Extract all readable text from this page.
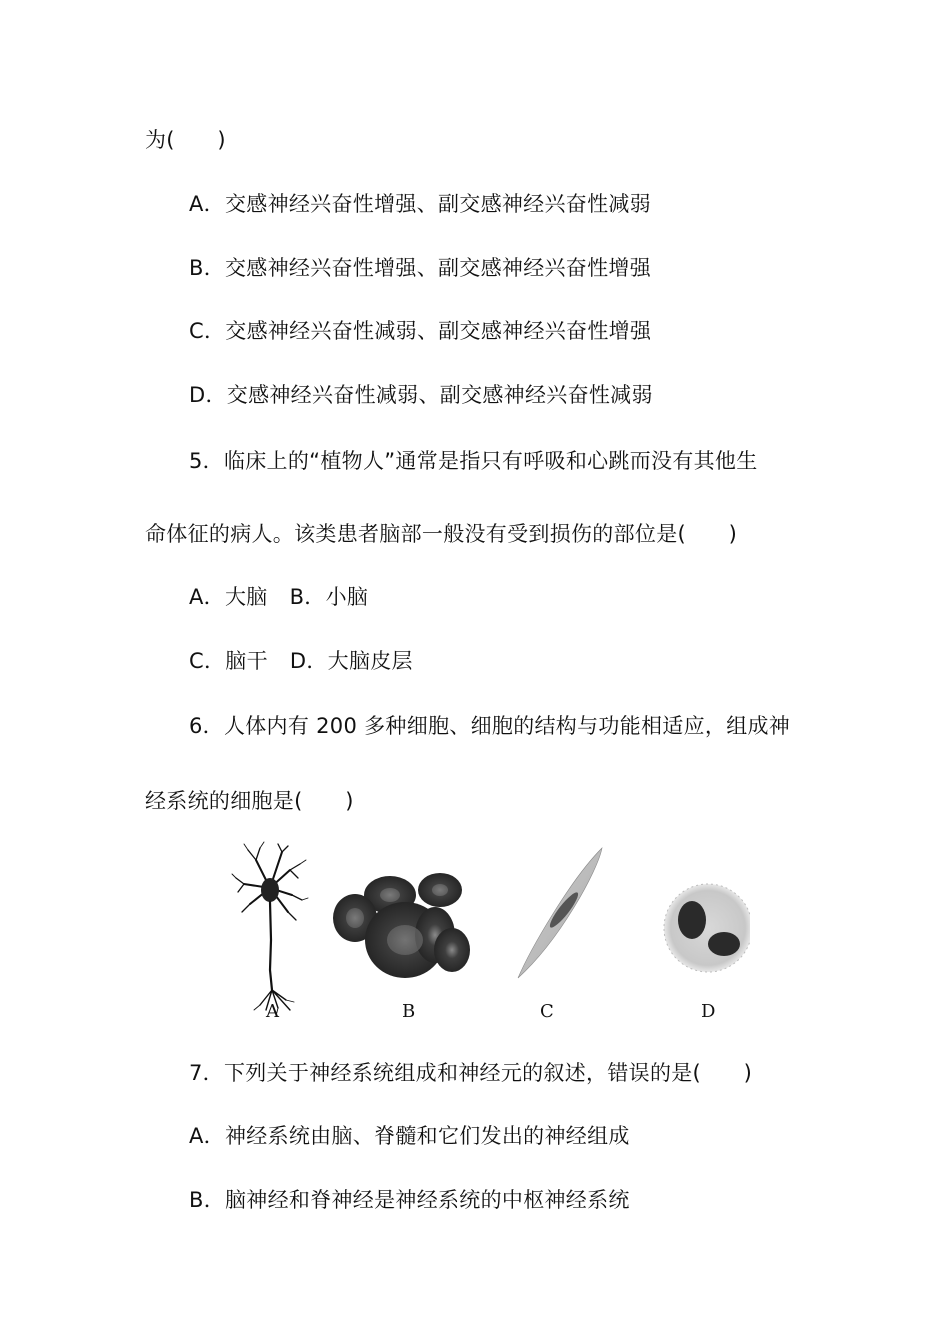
为(　　)
A．交感神经兴奋性增强、副交感神经兴奋性减弱
B．交感神经兴奋性增强、副交感神经兴奋性增强
C．交感神经兴奋性减弱、副交感神经兴奋性增强
D．交感神经兴奋性减弱、副交感神经兴奋性减弱
5．临床上的“植物人”通常是指只有呼吸和心跳而没有其他生
命体征的病人。该类患者脑部一般没有受到损伤的部位是(　　)
A．大脑 B．小脑
C．脑干 D．大脑皮层
6．人体内有 200 多种细胞、细胞的结构与功能相适应，组成神
经系统的细胞是(　　)
A	B	C	D
7．下列关于神经系统组成和神经元的叙述，错误的是(　　)
A．神经系统由脑、脊髓和它们发出的神经组成
B．脑神经和脊神经是神经系统的中枢神经系统
